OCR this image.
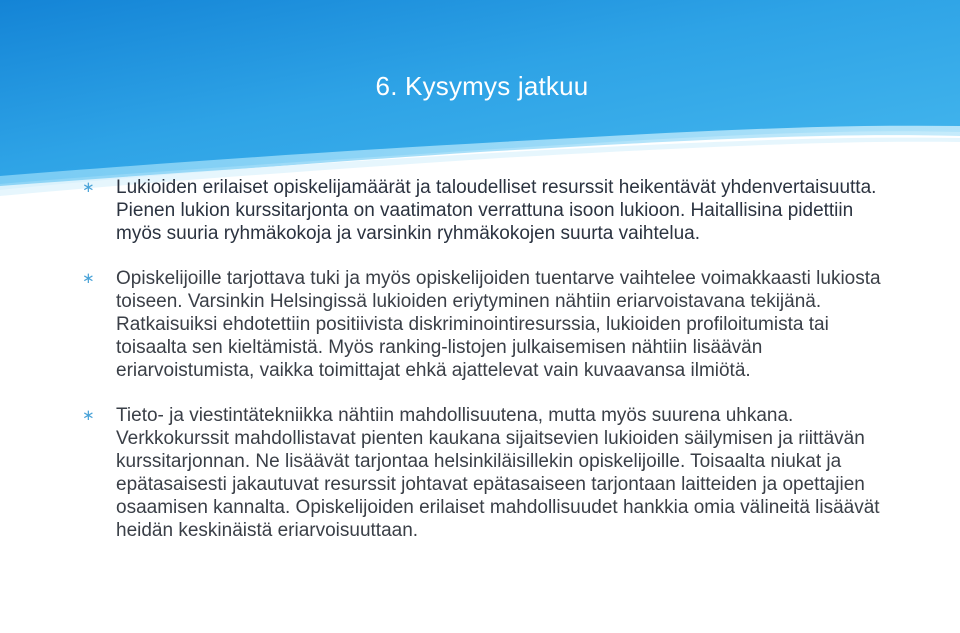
6. Kysymys jatkuu
∗ Lukioiden erilaiset opiskelijamäärät ja taloudelliset resurssit heikentävät yhdenvertaisuutta. Pienen lukion kurssitarjonta on vaatimaton verrattuna isoon lukioon. Haitallisina pidettiin myös suuria ryhmäkokoja ja varsinkin ryhmäkokojen suurta vaihtelua.
∗ Opiskelijoille tarjottava tuki ja myös opiskelijoiden tuentarve vaihtelee voimakkaasti lukiosta toiseen. Varsinkin Helsingissä lukioiden eriytyminen nähtiin eriarvoistavana tekijänä. Ratkaisuiksi ehdotettiin positiivista diskriminointiresurssia, lukioiden profiloitumista tai toisaalta sen kieltämistä. Myös ranking-listojen julkaisemisen nähtiin lisäävän eriarvoistumista, vaikka toimittajat ehkä ajattelevat vain kuvaavansa ilmiötä.
∗ Tieto- ja viestintätekniikka nähtiin mahdollisuutena, mutta myös suurena uhkana. Verkkokurssit mahdollistavat pienten kaukana sijaitsevien lukioiden säilymisen ja riittävän kurssitarjonnan. Ne lisäävät tarjontaa helsinkiläisillekin opiskelijoille. Toisaalta niukat ja epätasaisesti jakautuvat resurssit johtavat epätasaiseen tarjontaan laitteiden ja opettajien osaamisen kannalta. Opiskelijoiden erilaiset mahdollisuudet hankkia omia välineitä lisäävät heidän keskinäistä eriarvoisuuttaan.
